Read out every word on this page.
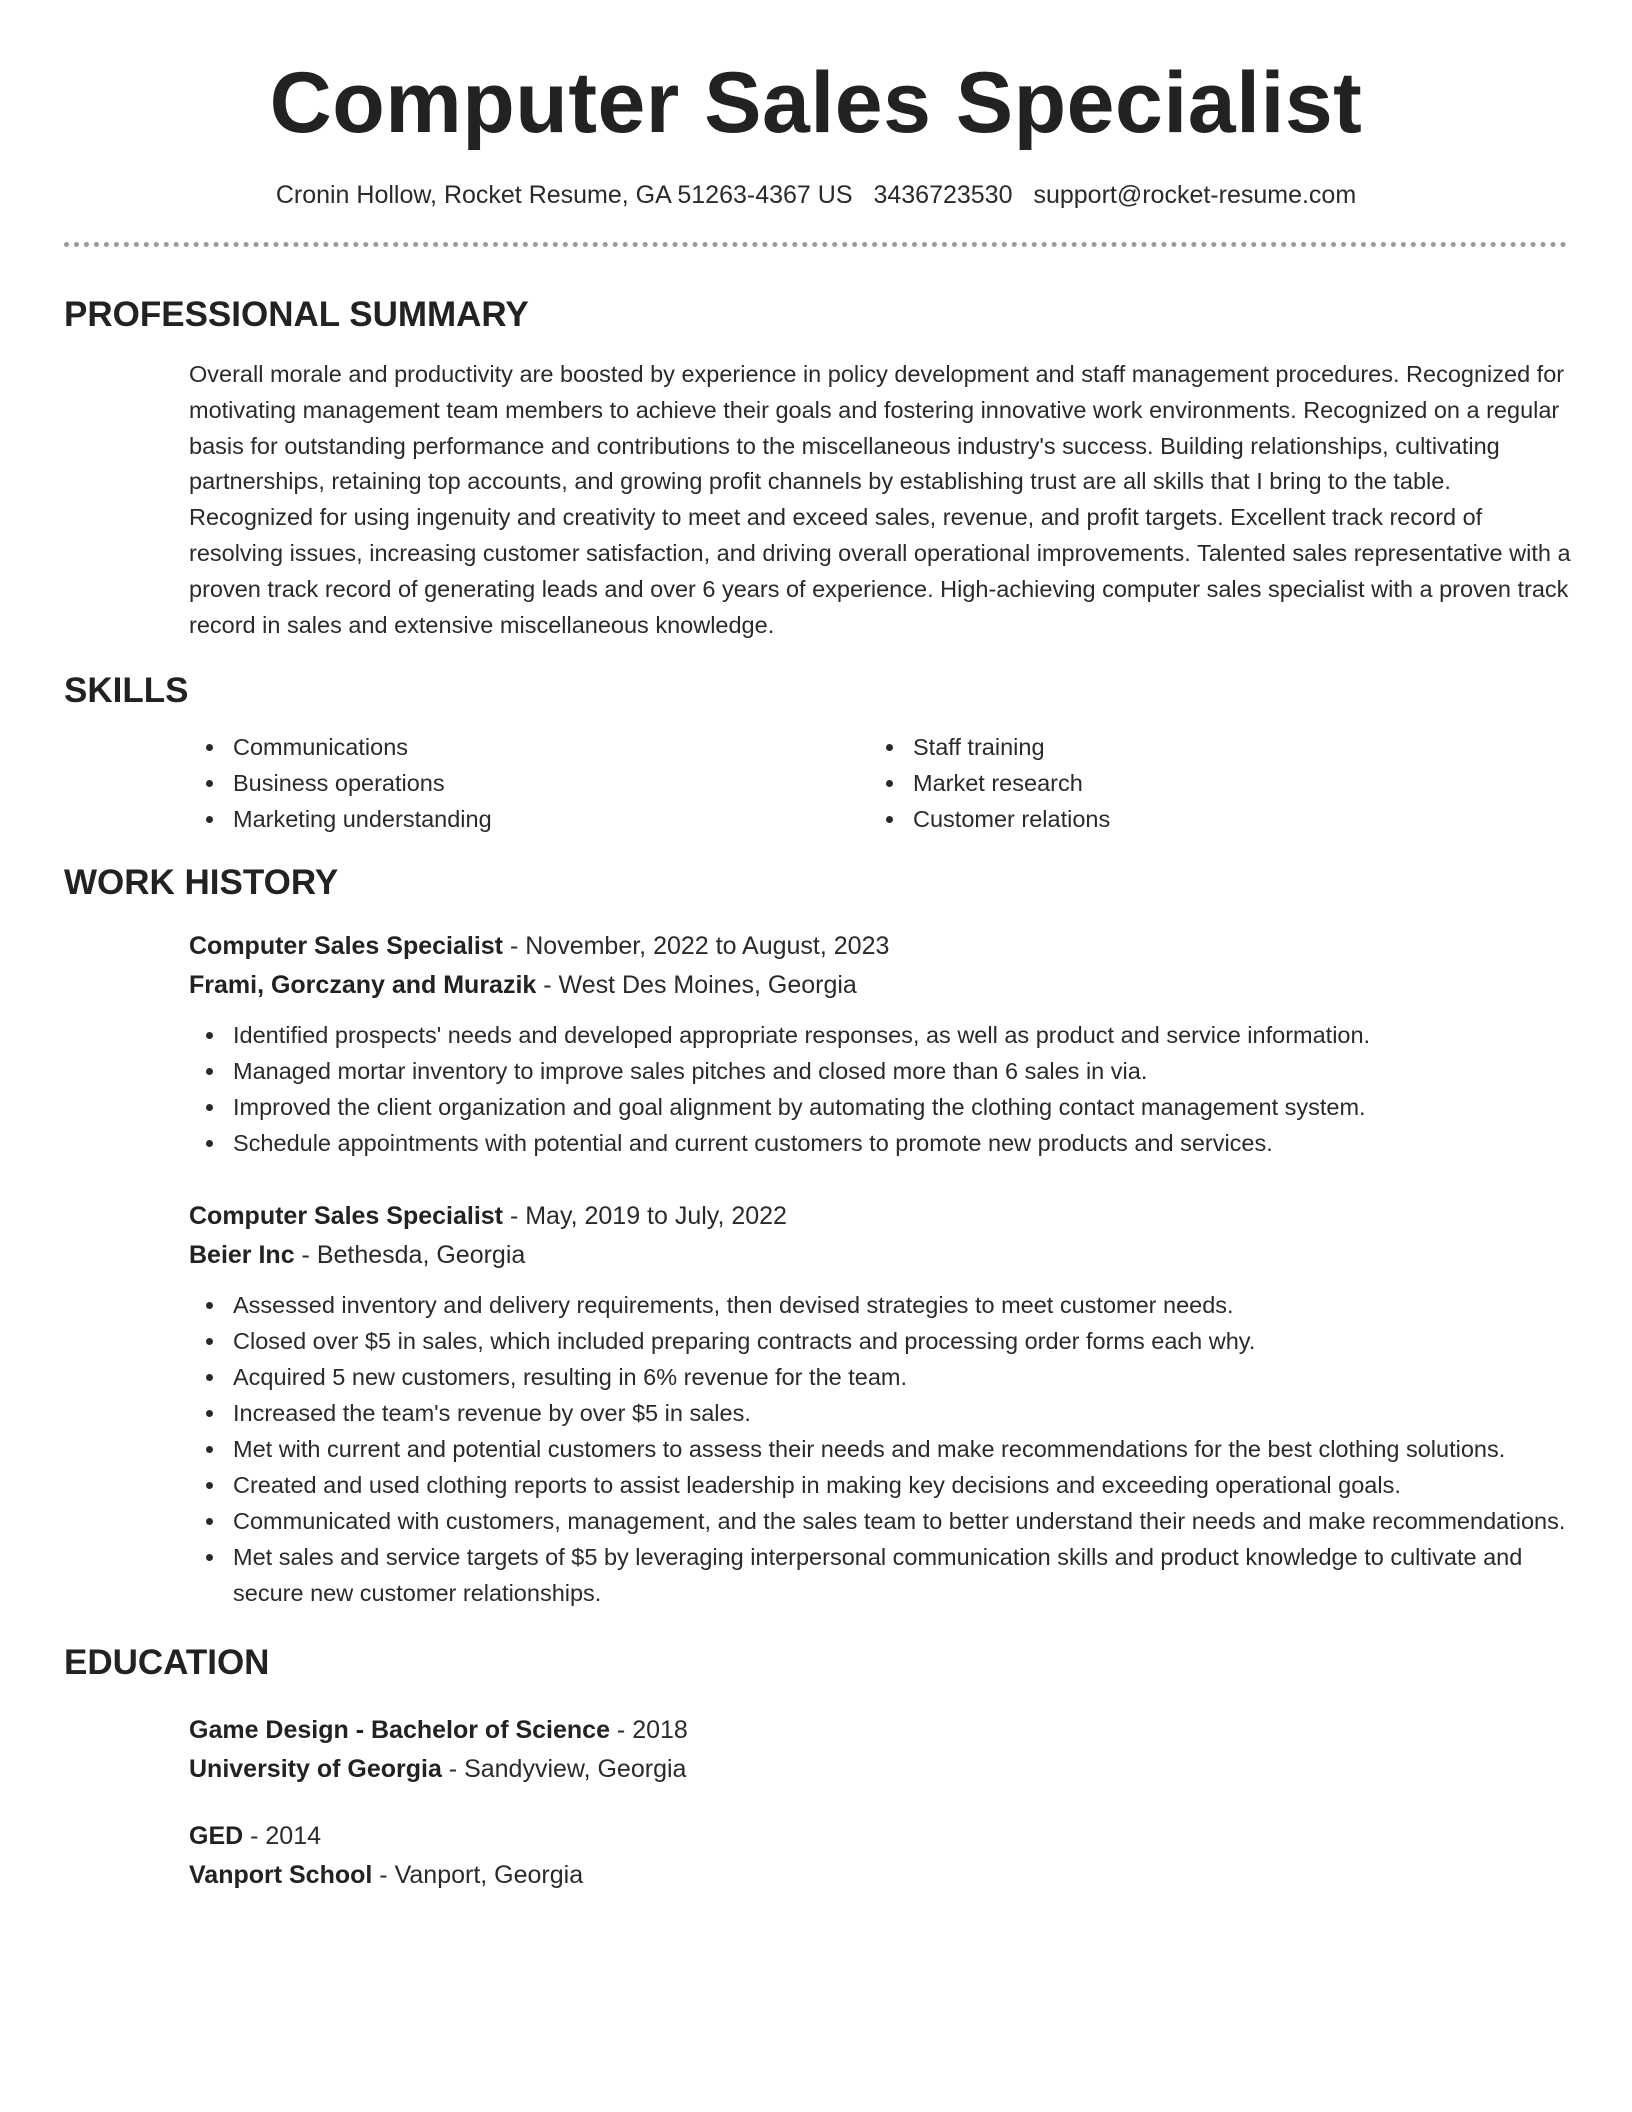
Computer Sales Specialist
Cronin Hollow, Rocket Resume, GA 51263-4367 US 3436723530 support@rocket-resume.com
PROFESSIONAL SUMMARY

Overall morale and productivity are boosted by experience in policy development and staff management procedures. Recognized for motivating management team members to achieve their goals and fostering innovative work environments. Recognized on a regular basis for outstanding performance and contributions to the miscellaneous industry's success. Building relationships, cultivating partnerships, retaining top accounts, and growing profit channels by establishing trust are all skills that I bring to the table. Recognized for using ingenuity and creativity to meet and exceed sales, revenue, and profit targets. Excellent track record of resolving issues, increasing customer satisfaction, and driving overall operational improvements. Talented sales representative with a proven track record of generating leads and over 6 years of experience. High-achieving computer sales specialist with a proven track record in sales and extensive miscellaneous knowledge.

SKILLS
Communications
Business operations
Marketing understanding
Staff training
Market research
Customer relations
WORK HISTORY
Computer Sales Specialist - November, 2022 to August, 2023
Frami, Gorczany and Murazik - West Des Moines, Georgia
Identified prospects' needs and developed appropriate responses, as well as product and service information.
Managed mortar inventory to improve sales pitches and closed more than 6 sales in via.
Improved the client organization and goal alignment by automating the clothing contact management system.
Schedule appointments with potential and current customers to promote new products and services.
Computer Sales Specialist - May, 2019 to July, 2022
Beier Inc - Bethesda, Georgia
Assessed inventory and delivery requirements, then devised strategies to meet customer needs.
Closed over $5 in sales, which included preparing contracts and processing order forms each why.
Acquired 5 new customers, resulting in 6% revenue for the team.
Increased the team's revenue by over $5 in sales.
Met with current and potential customers to assess their needs and make recommendations for the best clothing solutions.
Created and used clothing reports to assist leadership in making key decisions and exceeding operational goals.
Communicated with customers, management, and the sales team to better understand their needs and make recommendations.
Met sales and service targets of $5 by leveraging interpersonal communication skills and product knowledge to cultivate and secure new customer relationships.
EDUCATION
Game Design - Bachelor of Science - 2018
University of Georgia - Sandyview, Georgia
GED - 2014
Vanport School - Vanport, Georgia
